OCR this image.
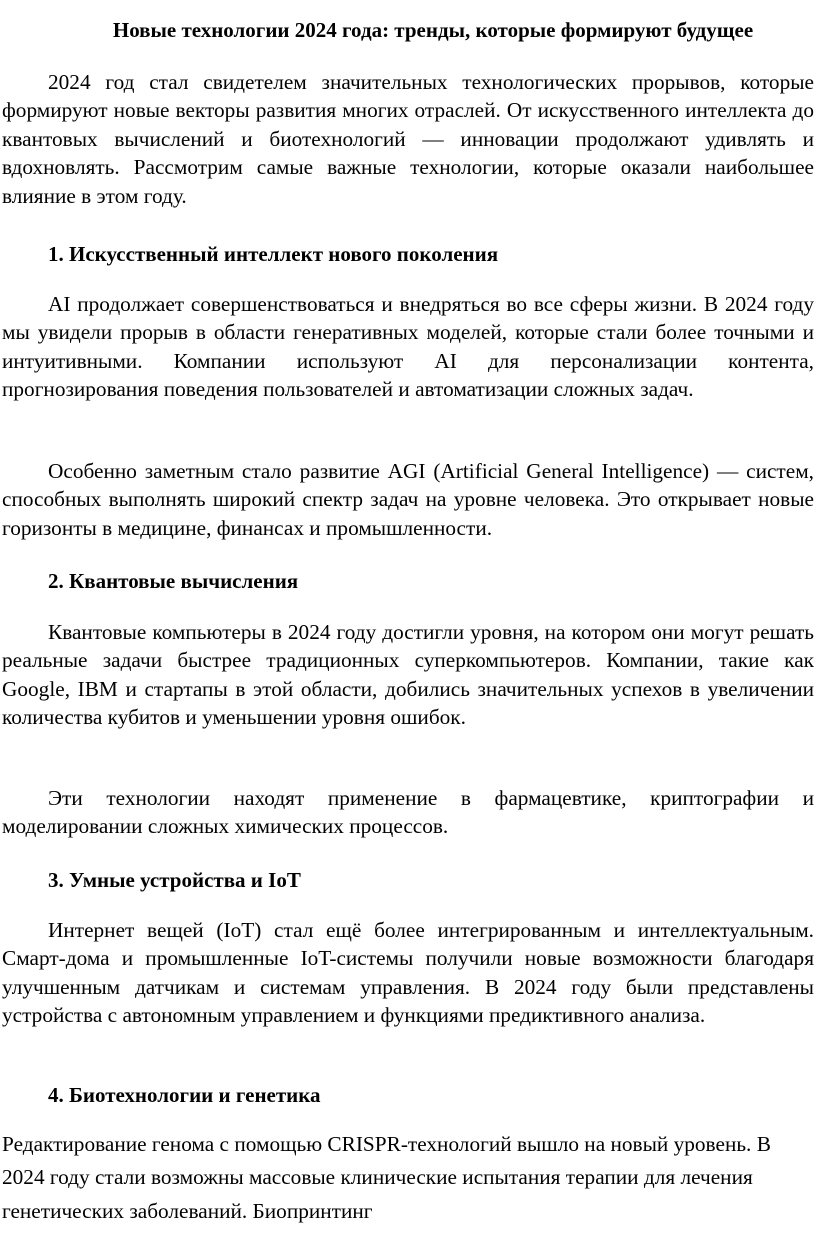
Новые технологии 2024 года: тренды, которые формируют будущее

2024 год стал свидетелем значительных технологических прорывов, которые формируют новые векторы развития многих отраслей. От искусственного интеллекта до квантовых вычислений и биотехнологий — инновации продолжают удивлять и вдохновлять. Рассмотрим самые важные технологии, которые оказали наибольшее влияние в этом году.

1. Искусственный интеллект нового поколения

AI продолжает совершенствоваться и внедряться во все сферы жизни. В 2024 году мы увидели прорыв в области генеративных моделей, которые стали более точными и интуитивными. Компании используют AI для персонализации контента, прогнозирования поведения пользователей и автоматизации сложных задач.

Особенно заметным стало развитие AGI (Artificial General Intelligence) — систем, способных выполнять широкий спектр задач на уровне человека. Это открывает новые горизонты в медицине, финансах и промышленности.

2. Квантовые вычисления

Квантовые компьютеры в 2024 году достигли уровня, на котором они могут решать реальные задачи быстрее традиционных суперкомпьютеров. Компании, такие как Google, IBM и стартапы в этой области, добились значительных успехов в увеличении количества кубитов и уменьшении уровня ошибок.

Эти технологии находят применение в фармацевтике, криптографии и моделировании сложных химических процессов.

3. Умные устройства и IoT

Интернет вещей (IoT) стал ещё более интегрированным и интеллектуальным. Смарт-дома и промышленные IoT-системы получили новые возможности благодаря улучшенным датчикам и системам управления. В 2024 году были представлены устройства с автономным управлением и функциями предиктивного анализа.

4. Биотехнологии и генетика

Редактирование генома с помощью CRISPR-технологий вышло на новый уровень. В 2024 году стали возможны массовые клинические испытания терапии для лечения генетических заболеваний. Биопринтинг
